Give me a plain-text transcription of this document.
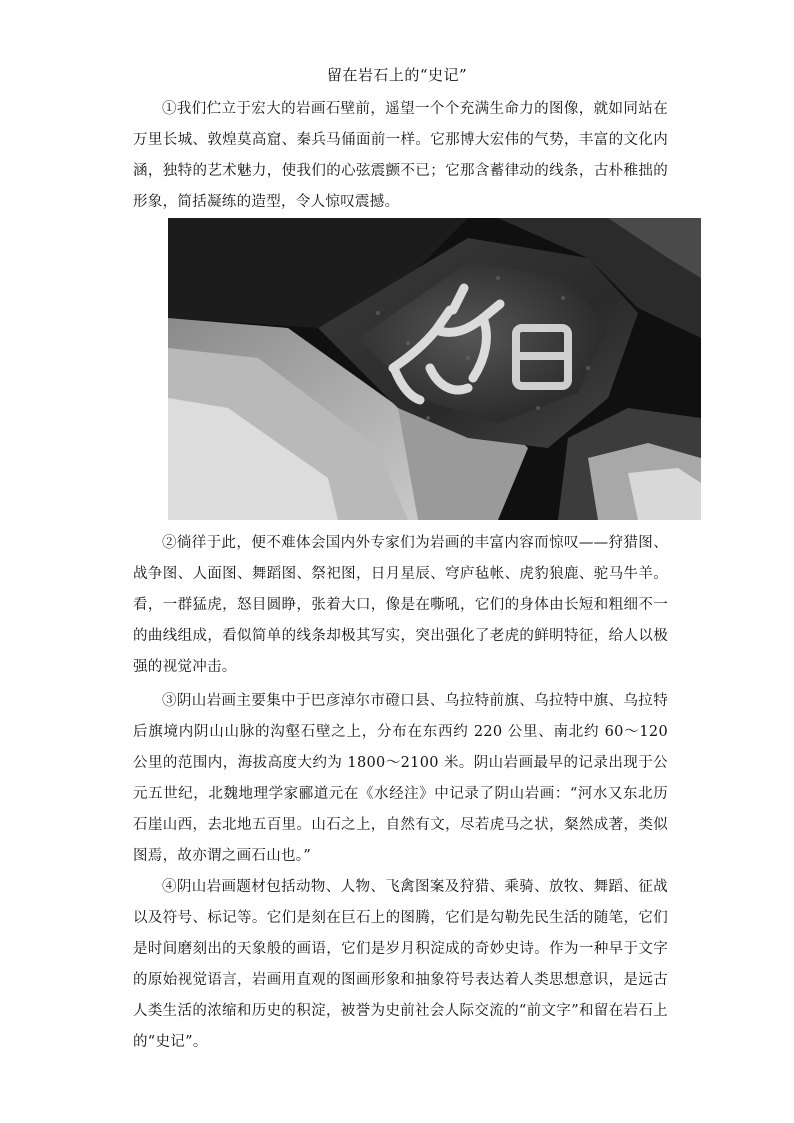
留在岩石上的“史记”

①我们伫立于宏大的岩画石壁前，遥望一个个充满生命力的图像，就如同站在万里长城、敦煌莫高窟、秦兵马俑面前一样。它那博大宏伟的气势，丰富的文化内涵，独特的艺术魅力，使我们的心弦震颤不已；它那含蓄律动的线条，古朴稚拙的形象，简括凝练的造型，令人惊叹震撼。

②徜徉于此，便不难体会国内外专家们为岩画的丰富内容而惊叹——狩猎图、战争图、人面图、舞蹈图、祭祀图，日月星辰、穹庐毡帐、虎豹狼鹿、驼马牛羊。看，一群猛虎，怒目圆睁，张着大口，像是在嘶吼，它们的身体由长短和粗细不一的曲线组成，看似简单的线条却极其写实，突出强化了老虎的鲜明特征，给人以极强的视觉冲击。

③阴山岩画主要集中于巴彦淖尔市磴口县、乌拉特前旗、乌拉特中旗、乌拉特后旗境内阴山山脉的沟壑石壁之上，分布在东西约 220 公里、南北约 60～120 公里的范围内，海拔高度大约为 1800～2100 米。阴山岩画最早的记录出现于公元五世纪，北魏地理学家郦道元在《水经注》中记录了阴山岩画：“河水又东北历石崖山西，去北地五百里。山石之上，自然有文，尽若虎马之状，粲然成著，类似图焉，故亦谓之画石山也。”

④阴山岩画题材包括动物、人物、飞禽图案及狩猎、乘骑、放牧、舞蹈、征战以及符号、标记等。它们是刻在巨石上的图腾，它们是勾勒先民生活的随笔，它们是时间磨刻出的天象般的画语，它们是岁月积淀成的奇妙史诗。作为一种早于文字的原始视觉语言，岩画用直观的图画形象和抽象符号表达着人类思想意识，是远古人类生活的浓缩和历史的积淀，被誉为史前社会人际交流的“前文字”和留在岩石上的“史记”。
